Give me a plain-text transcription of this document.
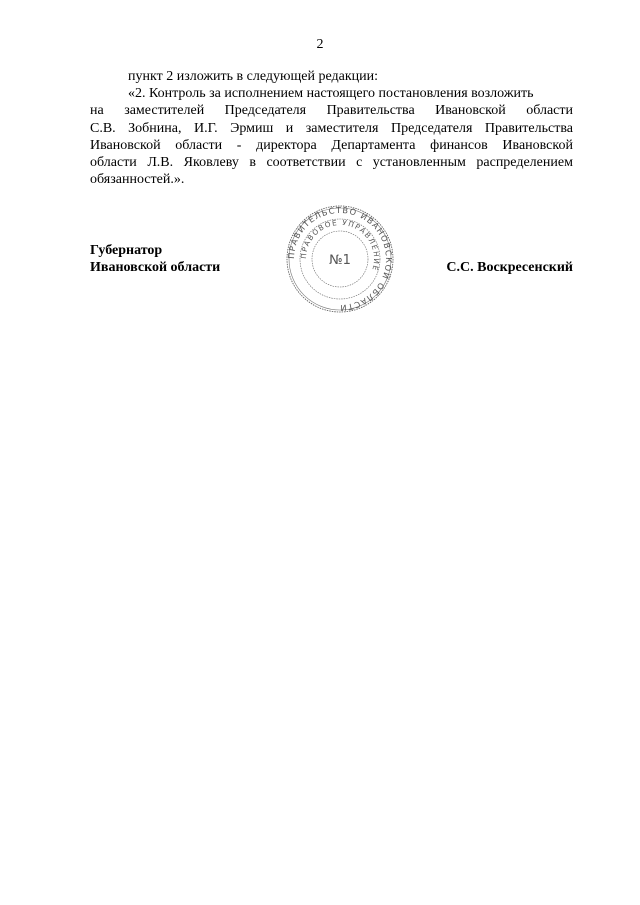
2
пункт 2 изложить в следующей редакции:
«2. Контроль за исполнением настоящего постановления возложить
на заместителей Председателя Правительства Ивановской области
С.В. Зобнина, И.Г. Эрмиш и заместителя Председателя Правительства
Ивановской области - директора Департамента финансов Ивановской
области Л.В. Яковлеву в соответствии с установленным распределением
обязанностей.».
Губернатор
Ивановской области	С.С. Воскресенский
ПРАВИТЕЛЬСТВО ИВАНОВСКОЙ ОБЛАСТИ
ПРАВОВОЕ УПРАВЛЕНИЕ
№1
